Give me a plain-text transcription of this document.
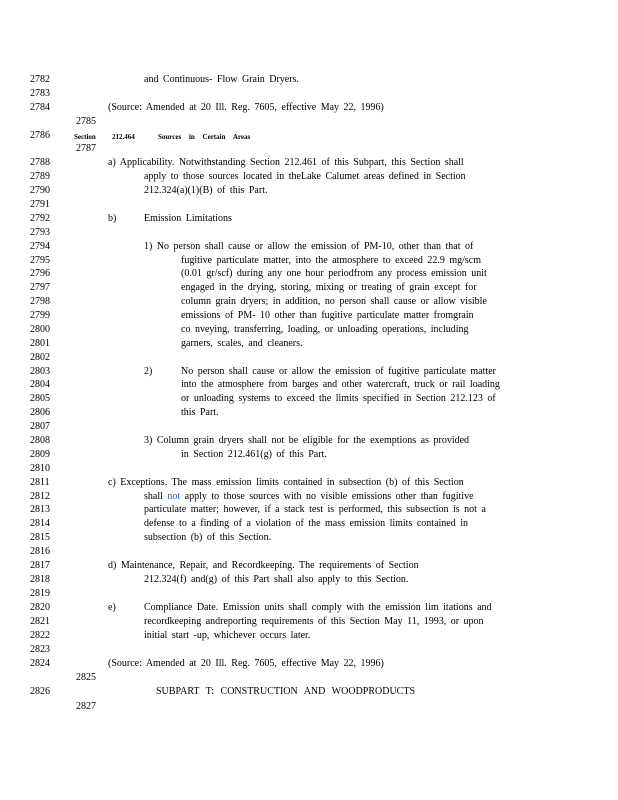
2782
2783
2784
2785
2786
2787
2788
2789
2790
2791
2792
2793
2794
2795
2796
2797
2798
2799
2800
2801
2802
2803
2804
2805
2806
2807
2808
2809
2810
2811
2812
2813
2814
2815
2816
2817
2818
2819
2820
2821
2822
2823
2824
2825
2826
2827
and Continuous- Flow Grain Dryers.
(Source: Amended at 20 Ill. Reg. 7605, effective May 22, 1996)
Section 212.464	Sources in Certain Areas
a) Applicability. Notwithstanding Section 212.461 of this Subpart, this Section shall
apply to those sources located in theLake Calumet areas defined in Section
212.324(a)(1)(B) of this Part.
b)	Emission Limitations
1) No person shall cause or allow the emission of PM-10, other than that of
fugitive particulate matter, into the atmosphere to exceed 22.9 mg/scm
(0.01 gr/scf) during any one hour periodfrom any process emission unit
engaged in the drying, storing, mixing or treating of grain except for
column grain dryers; in addition, no person shall cause or allow visible
emissions of PM- 10 other than fugitive particulate matter fromgrain
co nveying, transferring, loading, or unloading operations, including
garners, scales, and cleaners.
2)	No person shall cause or allow the emission of fugitive particulate matter
into the atmosphere from barges and other watercraft, truck or rail loading
or unloading systems to exceed the limits specified in Section 212.123 of
this Part.
3) Column grain dryers shall not be eligible for the exemptions as provided
in Section 212.461(g) of this Part.
c) Exceptions. The mass emission limits contained in subsection (b) of this Section
shall not apply to those sources with no visible emissions other than fugitive
particulate matter; however, if a stack test is performed, this subsection is not a
defense to a finding of a violation of the mass emission limits contained in
subsection (b) of this Section.
d) Maintenance, Repair, and Recordkeeping. The requirements of Section
212.324(f) and(g) of this Part shall also apply to this Section.
e)	Compliance Date. Emission units shall comply with the emission lim itations and
recordkeeping andreporting requirements of this Section May 11, 1993, or upon
initial start -up, whichever occurs later.
(Source: Amended at 20 Ill. Reg. 7605, effective May 22, 1996)
SUBPART T: CONSTRUCTION AND WOODPRODUCTS
